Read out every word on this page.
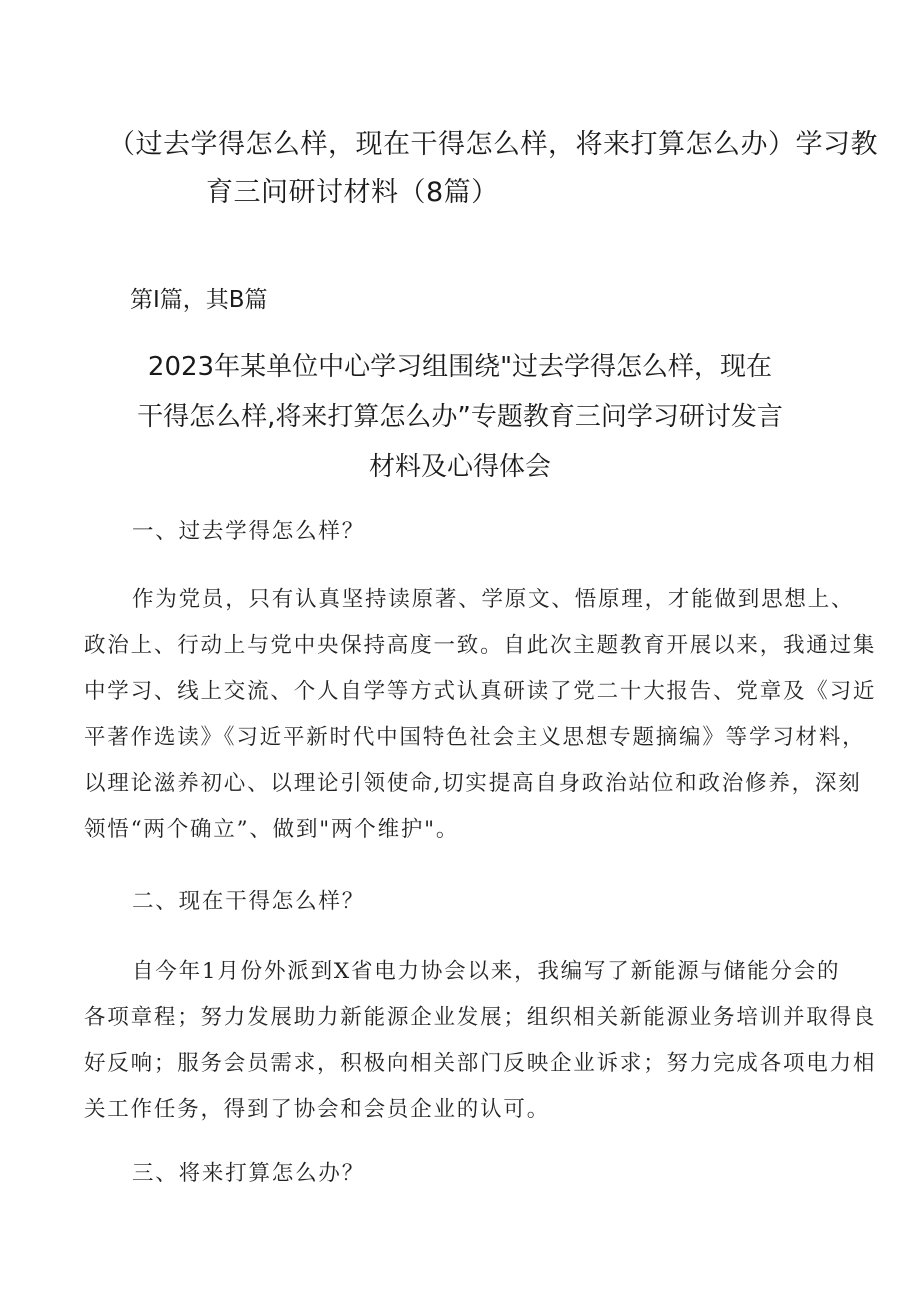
（过去学得怎么样，现在干得怎么样，将来打算怎么办）学习教
育三问研讨材料（8篇）
第Ⅰ篇，其B篇
2023年某单位中心学习组围绕"过去学得怎么样，现在
干得怎么样,将来打算怎么办”专题教育三问学习研讨发言
材料及心得体会
一、过去学得怎么样？
作为党员，只有认真坚持读原著、学原文、悟原理，才能做到思想上、
政治上、行动上与党中央保持高度一致。自此次主题教育开展以来，我通过集
中学习、线上交流、个人自学等方式认真研读了党二十大报告、党章及《习近
平著作选读》《习近平新时代中国特色社会主义思想专题摘编》等学习材料，
以理论滋养初心、以理论引领使命,切实提高自身政治站位和政治修养，深刻
领悟“两个确立”、做到"两个维护"。
二、现在干得怎么样？
自今年1月份外派到X省电力协会以来，我编写了新能源与储能分会的
各项章程；努力发展助力新能源企业发展；组织相关新能源业务培训并取得良
好反响；服务会员需求，积极向相关部门反映企业诉求；努力完成各项电力相
关工作任务，得到了协会和会员企业的认可。
三、将来打算怎么办？
